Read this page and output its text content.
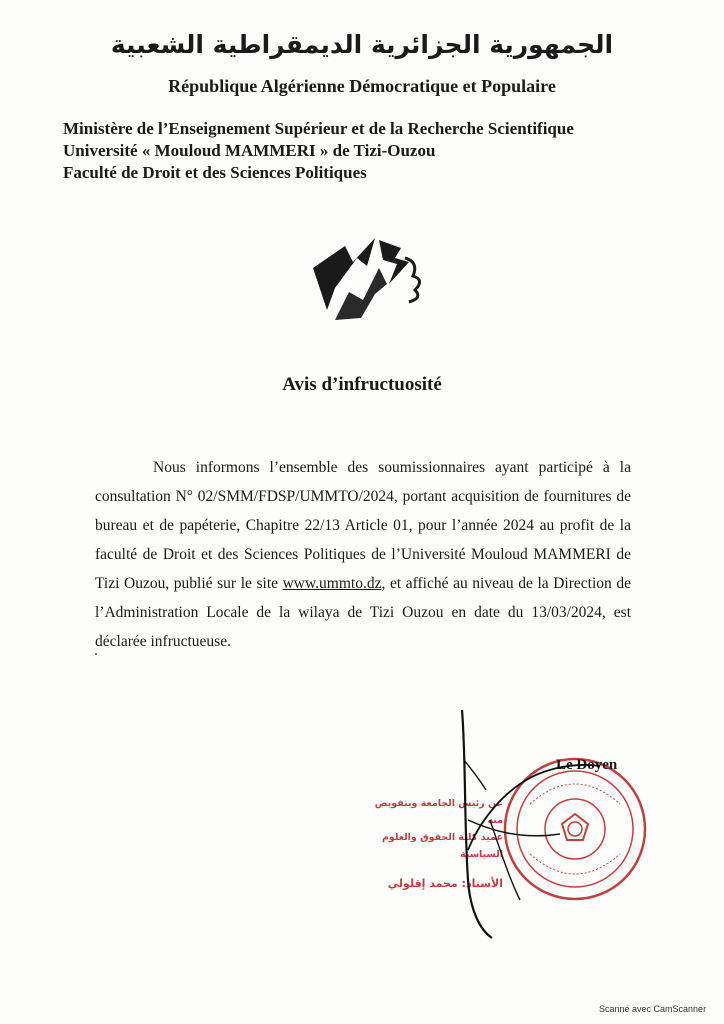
الجمهورية الجزائرية الديمقراطية الشعبية
République Algérienne Démocratique et Populaire
Ministère de l’Enseignement Supérieur et de la Recherche Scientifique
Université « Mouloud MAMMERI » de Tizi-Ouzou
Faculté de Droit et des Sciences Politiques
Avis d’infructuosité

Nous informons l’ensemble des soumissionnaires ayant participé à la consultation N° 02/SMM/FDSP/UMMTO/2024, portant acquisition de fournitures de bureau et de papéterie, Chapitre 22/13 Article 01, pour l’année 2024 au profit de la faculté de Droit et des Sciences Politiques de l’Université Mouloud MAMMERI de Tizi Ouzou, publié sur le site www.ummto.dz, et affiché au niveau de la Direction de l’Administration Locale de la wilaya de Tizi Ouzou en date du 13/03/2024, est déclarée infructueuse.

عن رئيس الجامعة وبتفويض منه
عميد كلية الحقوق والعلوم السياسية
الأستاذ: محمد إقلولي
Le Doyen
Scanné avec CamScanner
